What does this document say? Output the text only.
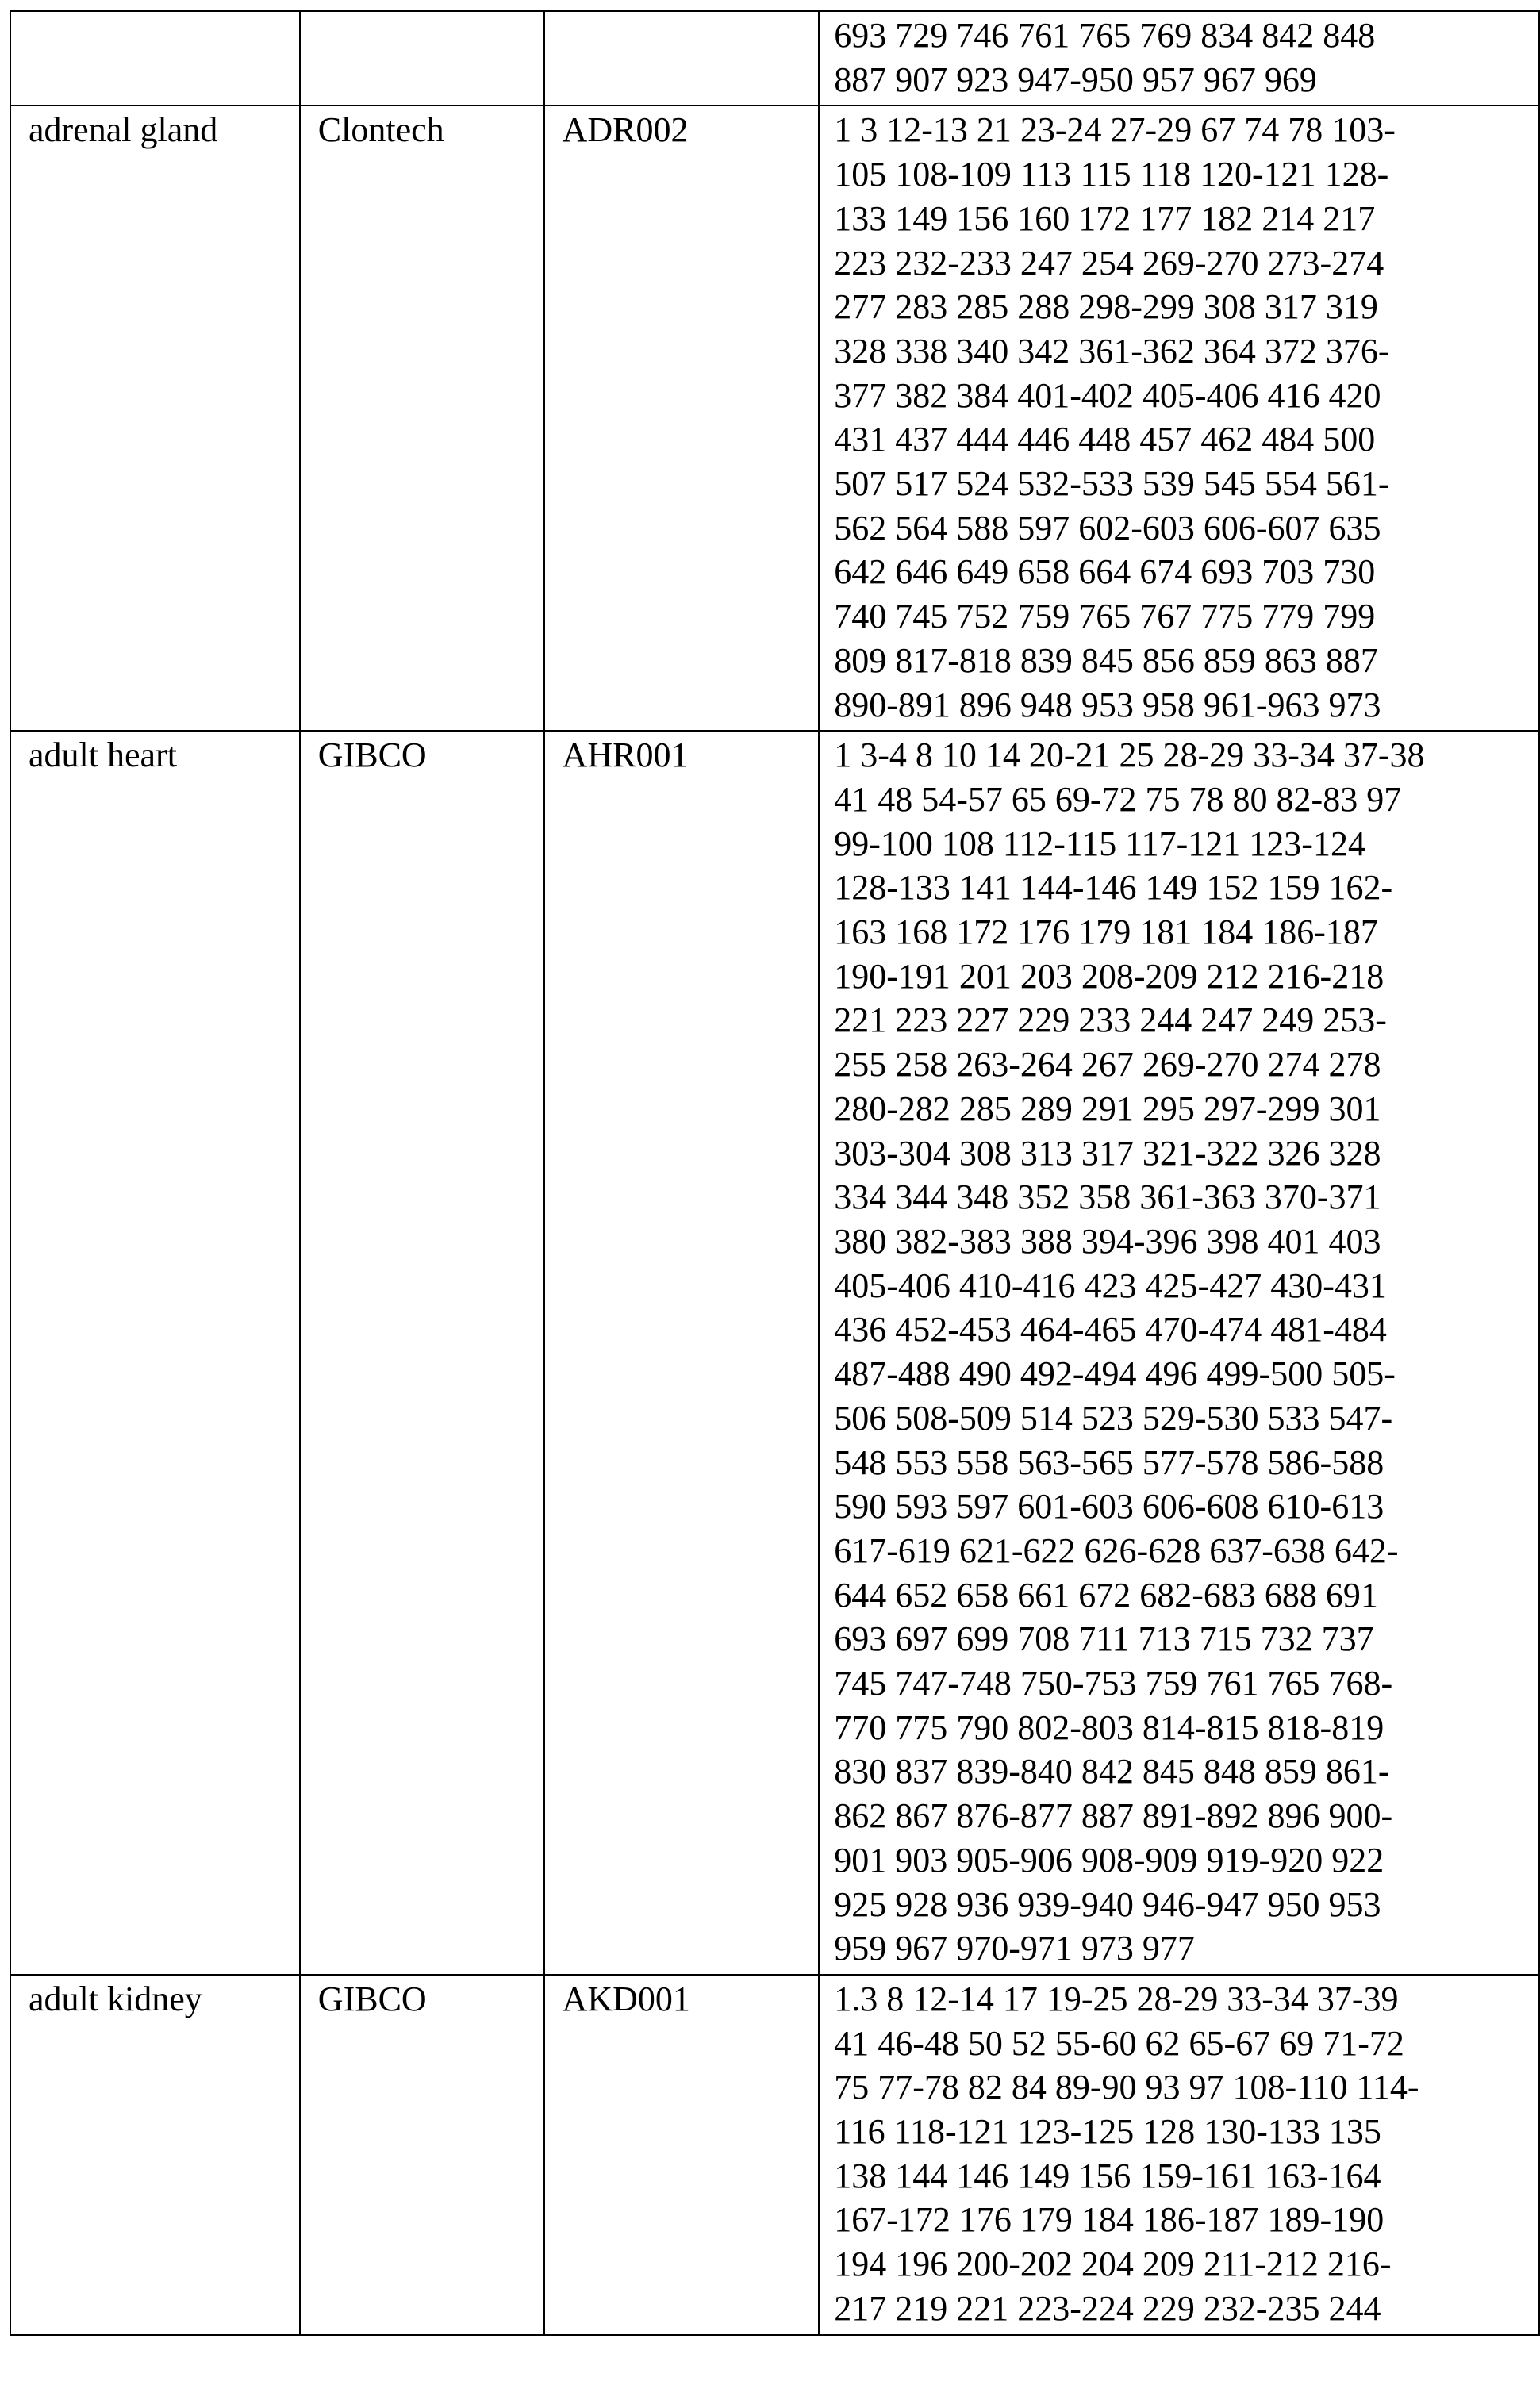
693 729 746 761 765 769 834 842 848
887 907 923 947-950 957 967 969

adrenal gland	Clontech	ADR002	1 3 12-13 21 23-24 27-29 67 74 78 103-
105 108-109 113 115 118 120-121 128-
133 149 156 160 172 177 182 214 217
223 232-233 247 254 269-270 273-274
277 283 285 288 298-299 308 317 319
328 338 340 342 361-362 364 372 376-
377 382 384 401-402 405-406 416 420
431 437 444 446 448 457 462 484 500
507 517 524 532-533 539 545 554 561-
562 564 588 597 602-603 606-607 635
642 646 649 658 664 674 693 703 730
740 745 752 759 765 767 775 779 799
809 817-818 839 845 856 859 863 887
890-891 896 948 953 958 961-963 973

adult heart	GIBCO	AHR001	1 3-4 8 10 14 20-21 25 28-29 33-34 37-38
41 48 54-57 65 69-72 75 78 80 82-83 97
99-100 108 112-115 117-121 123-124
128-133 141 144-146 149 152 159 162-
163 168 172 176 179 181 184 186-187
190-191 201 203 208-209 212 216-218
221 223 227 229 233 244 247 249 253-
255 258 263-264 267 269-270 274 278
280-282 285 289 291 295 297-299 301
303-304 308 313 317 321-322 326 328
334 344 348 352 358 361-363 370-371
380 382-383 388 394-396 398 401 403
405-406 410-416 423 425-427 430-431
436 452-453 464-465 470-474 481-484
487-488 490 492-494 496 499-500 505-
506 508-509 514 523 529-530 533 547-
548 553 558 563-565 577-578 586-588
590 593 597 601-603 606-608 610-613
617-619 621-622 626-628 637-638 642-
644 652 658 661 672 682-683 688 691
693 697 699 708 711 713 715 732 737
745 747-748 750-753 759 761 765 768-
770 775 790 802-803 814-815 818-819
830 837 839-840 842 845 848 859 861-
862 867 876-877 887 891-892 896 900-
901 903 905-906 908-909 919-920 922
925 928 936 939-940 946-947 950 953
959 967 970-971 973 977

adult kidney	GIBCO	AKD001	1.3 8 12-14 17 19-25 28-29 33-34 37-39
41 46-48 50 52 55-60 62 65-67 69 71-72
75 77-78 82 84 89-90 93 97 108-110 114-
116 118-121 123-125 128 130-133 135
138 144 146 149 156 159-161 163-164
167-172 176 179 184 186-187 189-190
194 196 200-202 204 209 211-212 216-
217 219 221 223-224 229 232-235 244
